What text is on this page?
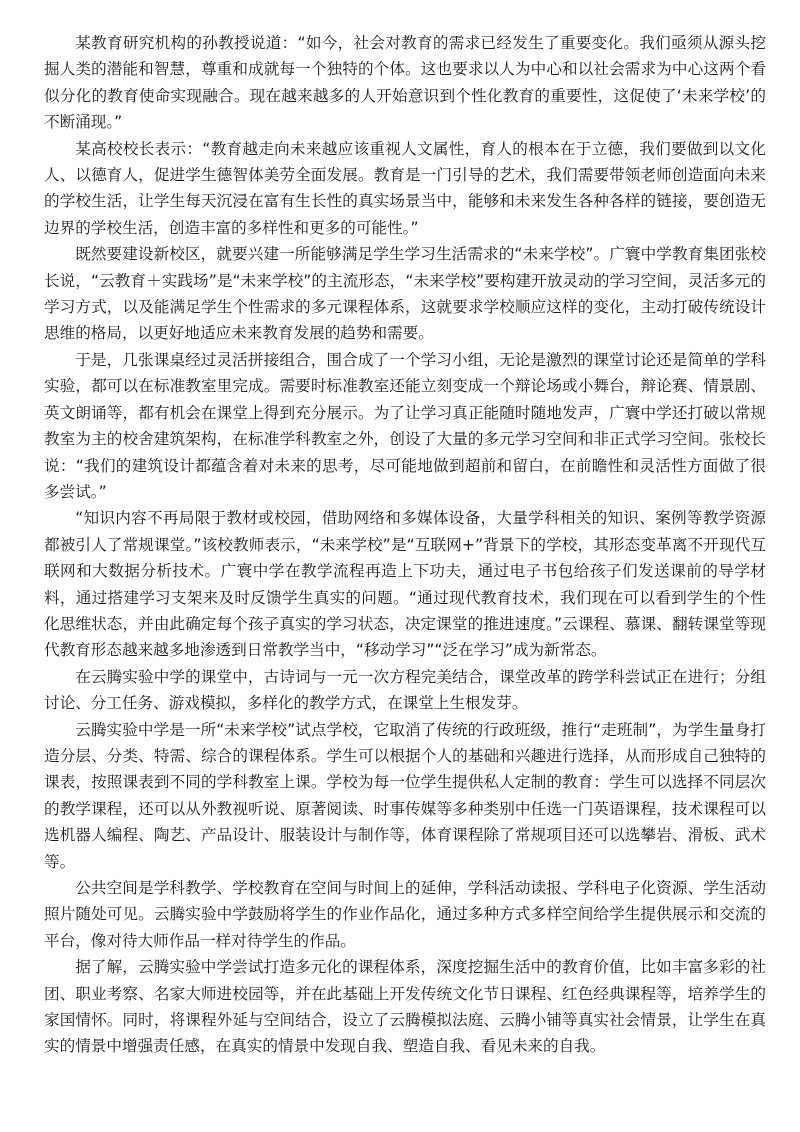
某教育研究机构的孙教授说道：“如今，社会对教育的需求已经发生了重要变化。我们亟须从源头挖掘人类的潜能和智慧，尊重和成就每一个独特的个体。这也要求以人为中心和以社会需求为中心这两个看似分化的教育使命实现融合。现在越来越多的人开始意识到个性化教育的重要性，这促使了‘未来学校’的不断涌现。”

某高校校长表示：“教育越走向未来越应该重视人文属性，育人的根本在于立德，我们要做到以文化人、以德育人，促进学生德智体美劳全面发展。教育是一门引导的艺术，我们需要带领老师创造面向未来的学校生活，让学生每天沉浸在富有生长性的真实场景当中，能够和未来发生各种各样的链接，要创造无边界的学校生活，创造丰富的多样性和更多的可能性。”

既然要建设新校区，就要兴建一所能够满足学生学习生活需求的“未来学校”。广寰中学教育集团张校长说，“云教育＋实践场”是“未来学校”的主流形态，“未来学校”要构建开放灵动的学习空间，灵活多元的学习方式，以及能满足学生个性需求的多元课程体系，这就要求学校顺应这样的变化，主动打破传统设计思维的格局，以更好地适应未来教育发展的趋势和需要。

于是，几张课桌经过灵活拼接组合，围合成了一个学习小组，无论是激烈的课堂讨论还是简单的学科实验，都可以在标准教室里完成。需要时标准教室还能立刻变成一个辩论场或小舞台，辩论赛、情景剧、英文朗诵等，都有机会在课堂上得到充分展示。为了让学习真正能随时随地发声，广寰中学还打破以常规教室为主的校舍建筑架构，在标准学科教室之外，创设了大量的多元学习空间和非正式学习空间。张校长说：“我们的建筑设计都蕴含着对未来的思考，尽可能地做到超前和留白，在前瞻性和灵活性方面做了很多尝试。”

“知识内容不再局限于教材或校园，借助网络和多媒体设备，大量学科相关的知识、案例等教学资源都被引人了常规课堂。”该校教师表示，“未来学校”是“互联网+”背景下的学校，其形态变革离不开现代互联网和大数据分析技术。广寰中学在教学流程再造上下功夫，通过电子书包给孩子们发送课前的导学材料，通过搭建学习支架来及时反馈学生真实的问题。“通过现代教育技术，我们现在可以看到学生的个性化思维状态，并由此确定每个孩子真实的学习状态，决定课堂的推进速度。”云课程、慕课、翻转课堂等现代教育形态越来越多地渗透到日常教学当中，“移动学习”“泛在学习”成为新常态。

在云腾实验中学的课堂中，古诗词与一元一次方程完美结合，课堂改革的跨学科尝试正在进行；分组讨论、分工任务、游戏模拟，多样化的教学方式，在课堂上生根发芽。

云腾实验中学是一所“未来学校”试点学校，它取消了传统的行政班级，推行“走班制”，为学生量身打造分层、分类、特需、综合的课程体系。学生可以根据个人的基础和兴趣进行选择，从而形成自己独特的课表，按照课表到不同的学科教室上课。学校为每一位学生提供私人定制的教育：学生可以选择不同层次的教学课程，还可以从外教视听说、原著阅读、时事传媒等多种类别中任选一门英语课程，技术课程可以选机器人编程、陶艺、产品设计、服装设计与制作等，体育课程除了常规项目还可以选攀岩、滑板、武术等。

公共空间是学科教学、学校教育在空间与时间上的延伸，学科活动读报、学科电子化资源、学生活动照片随处可见。云腾实验中学鼓励将学生的作业作品化，通过多种方式多样空间给学生提供展示和交流的平台，像对待大师作品一样对待学生的作品。

据了解，云腾实验中学尝试打造多元化的课程体系，深度挖掘生活中的教育价值，比如丰富多彩的社团、职业考察、名家大师进校园等，并在此基础上开发传统文化节日课程、红色经典课程等，培养学生的家国情怀。同时，将课程外延与空间结合，设立了云腾模拟法庭、云腾小铺等真实社会情景，让学生在真实的情景中增强责任感，在真实的情景中发现自我、塑造自我、看见未来的自我。
